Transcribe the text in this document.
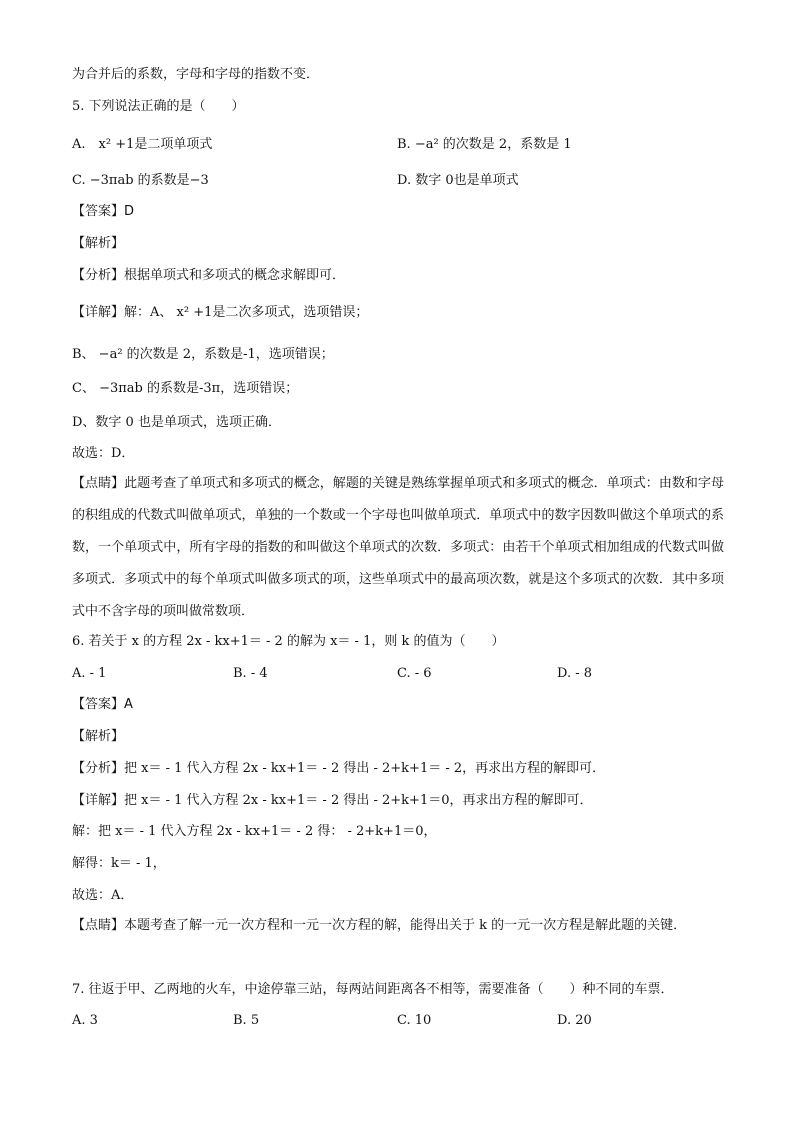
为合并后的系数，字母和字母的指数不变．
5. 下列说法正确的是（　　）
A.　x² +1是二项单项式	B. −a² 的次数是 2，系数是 1
C. −3πab 的系数是−3	D. 数字 0也是单项式
【答案】D
【解析】
【分析】根据单项式和多项式的概念求解即可．
【详解】解：A、 x² +1是二次多项式，选项错误；
B、 −a² 的次数是 2，系数是-1，选项错误；
C、 −3πab 的系数是-3π，选项错误；
D、数字 0 也是单项式，选项正确．
故选：D．
【点睛】此题考查了单项式和多项式的概念，解题的关键是熟练掌握单项式和多项式的概念．单项式：由数和字母的积组成的代数式叫做单项式，单独的一个数或一个字母也叫做单项式．单项式中的数字因数叫做这个单项式的系数，一个单项式中，所有字母的指数的和叫做这个单项式的次数．多项式：由若干个单项式相加组成的代数式叫做多项式．多项式中的每个单项式叫做多项式的项，这些单项式中的最高项次数，就是这个多项式的次数．其中多项式中不含字母的项叫做常数项．
6. 若关于 x 的方程 2x - kx+1＝ - 2 的解为 x＝ - 1，则 k 的值为（　　）
A. - 1	B. - 4	C. - 6	D. - 8
【答案】A
【解析】
【分析】把 x＝ - 1 代入方程 2x - kx+1＝ - 2 得出 - 2+k+1＝ - 2，再求出方程的解即可．
【详解】把 x＝ - 1 代入方程 2x - kx+1＝ - 2 得出 - 2+k+1＝0，再求出方程的解即可．
解：把 x＝ - 1 代入方程 2x - kx+1＝ - 2 得： - 2+k+1＝0，
解得：k＝ - 1，
故选：A．
【点睛】本题考查了解一元一次方程和一元一次方程的解，能得出关于 k 的一元一次方程是解此题的关键．
7. 往返于甲、乙两地的火车，中途停靠三站，每两站间距离各不相等，需要准备（　　）种不同的车票．
A. 3	B. 5	C. 10	D. 20
